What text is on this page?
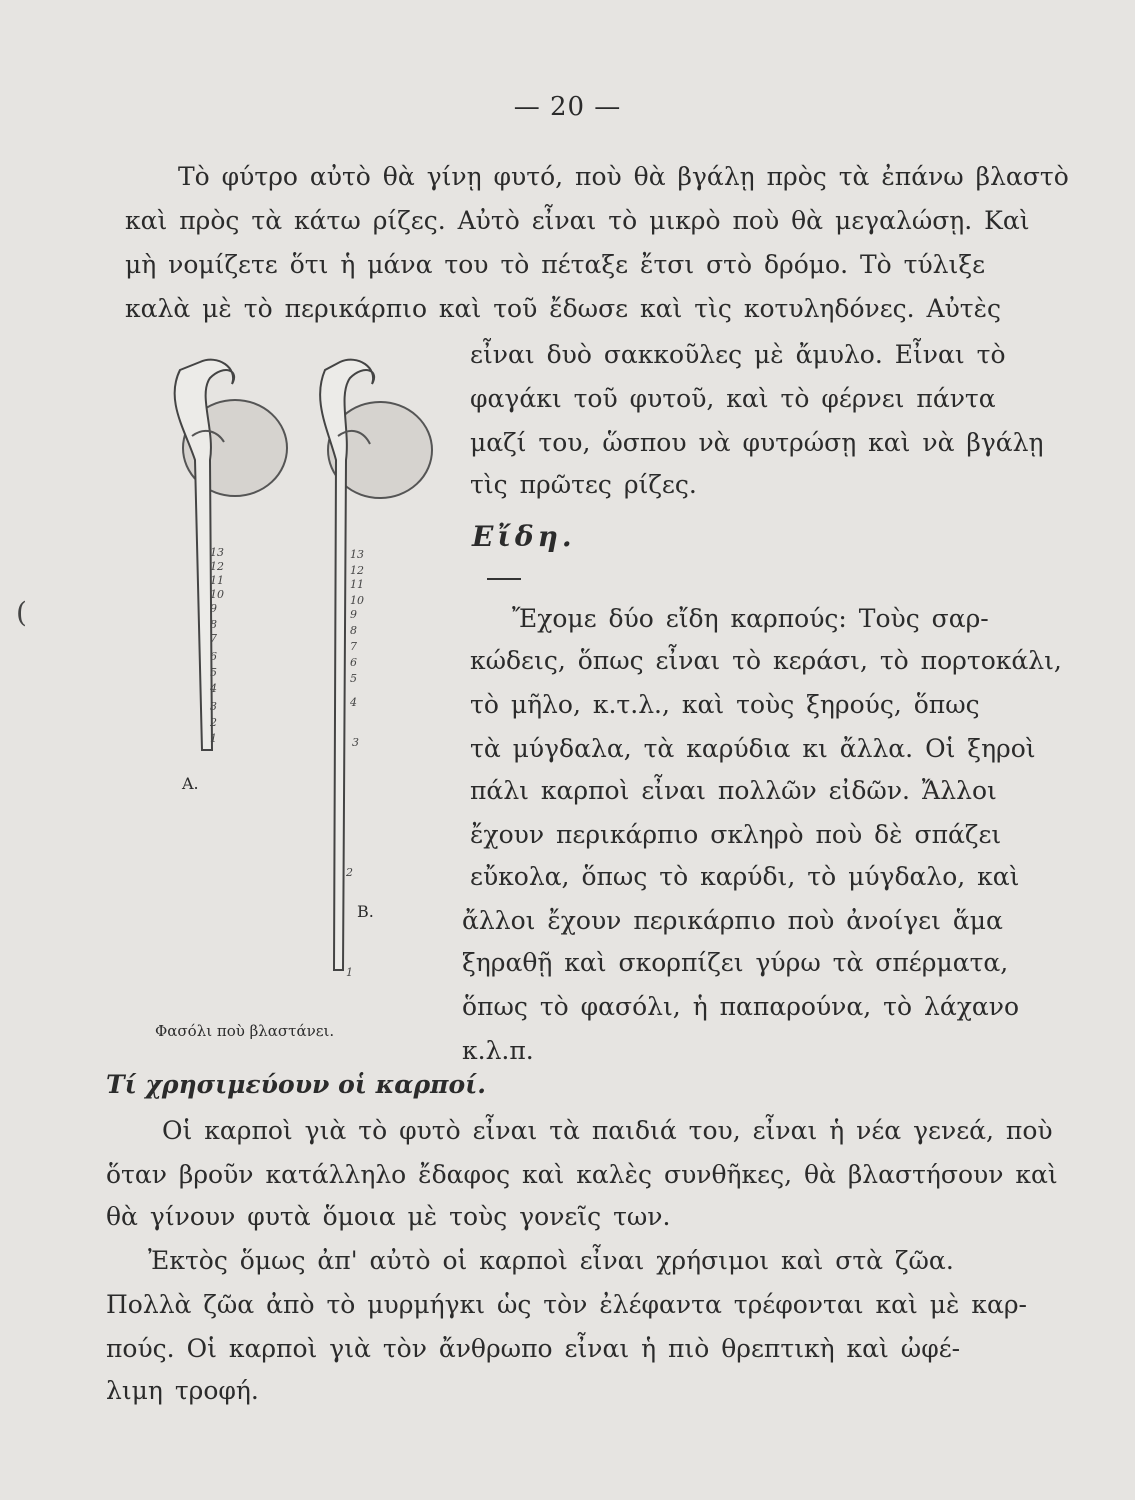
— 20 —
Τὸ φύτρο αὐτὸ θὰ γίνῃ φυτό, ποὺ θὰ βγάλῃ πρὸς τὰ ἐπάνω βλαστὸ
καὶ πρὸς τὰ κάτω ρίζες. Αὐτὸ εἶναι τὸ μικρὸ ποὺ θὰ μεγαλώσῃ. Καὶ
μὴ νομίζετε ὅτι ἡ μάνα του τὸ πέταξε ἔτσι στὸ δρόμο. Τὸ τύλιξε
καλὰ μὲ τὸ περικάρπιο καὶ τοῦ ἔδωσε καὶ τὶς κοτυληδόνες. Αὐτὲς
εἶναι δυὸ σακκοῦλες μὲ ἄμυλο. Εἶναι τὸ
φαγάκι τοῦ φυτοῦ, καὶ τὸ φέρνει πάντα
μαζί του, ὥσπου νὰ φυτρώσῃ καὶ νὰ βγάλῃ
τὶς πρῶτες ρίζες.
Εἴδη.
Ἔχομε δύο εἴδη καρπούς: Τοὺς σαρ-
κώδεις, ὅπως εἶναι τὸ κεράσι, τὸ πορτοκάλι,
τὸ μῆλο, κ.τ.λ., καὶ τοὺς ξηρούς, ὅπως
τὰ μύγδαλα, τὰ καρύδια κι ἄλλα. Οἱ ξηροὶ
πάλι καρποὶ εἶναι πολλῶν εἰδῶν. Ἄλλοι
ἔχουν περικάρπιο σκληρὸ ποὺ δὲ σπάζει
εὔκολα, ὅπως τὸ καρύδι, τὸ μύγδαλο, καὶ
ἄλλοι ἔχουν περικάρπιο ποὺ ἀνοίγει ἅμα
ξηραθῇ καὶ σκορπίζει γύρω τὰ σπέρματα,
ὅπως τὸ φασόλι, ἡ παπαρούνα, τὸ λάχανο
κ.λ.π.
(
13
12
11
10
9
8
7
6
5
4
3
2
1
13
12
11
10
9
8
7
6
5
4
3
2
1
A.
B.
Φασόλι ποὺ βλαστάνει.
Τί χρησιμεύουν οἱ καρποί.
Οἱ καρποὶ γιὰ τὸ φυτὸ εἶναι τὰ παιδιά του, εἶναι ἡ νέα γενεά, ποὺ
ὅταν βροῦν κατάλληλο ἔδαφος καὶ καλὲς συνθῆκες, θὰ βλαστήσουν καὶ
θὰ γίνουν φυτὰ ὅμοια μὲ τοὺς γονεῖς των.
Ἐκτὸς ὅμως ἀπ' αὐτὸ οἱ καρποὶ εἶναι χρήσιμοι καὶ στὰ ζῶα.
Πολλὰ ζῶα ἀπὸ τὸ μυρμήγκι ὡς τὸν ἐλέφαντα τρέφονται καὶ μὲ καρ-
πούς. Οἱ καρποὶ γιὰ τὸν ἄνθρωπο εἶναι ἡ πιὸ θρεπτικὴ καὶ ὠφέ-
λιμη τροφή.
